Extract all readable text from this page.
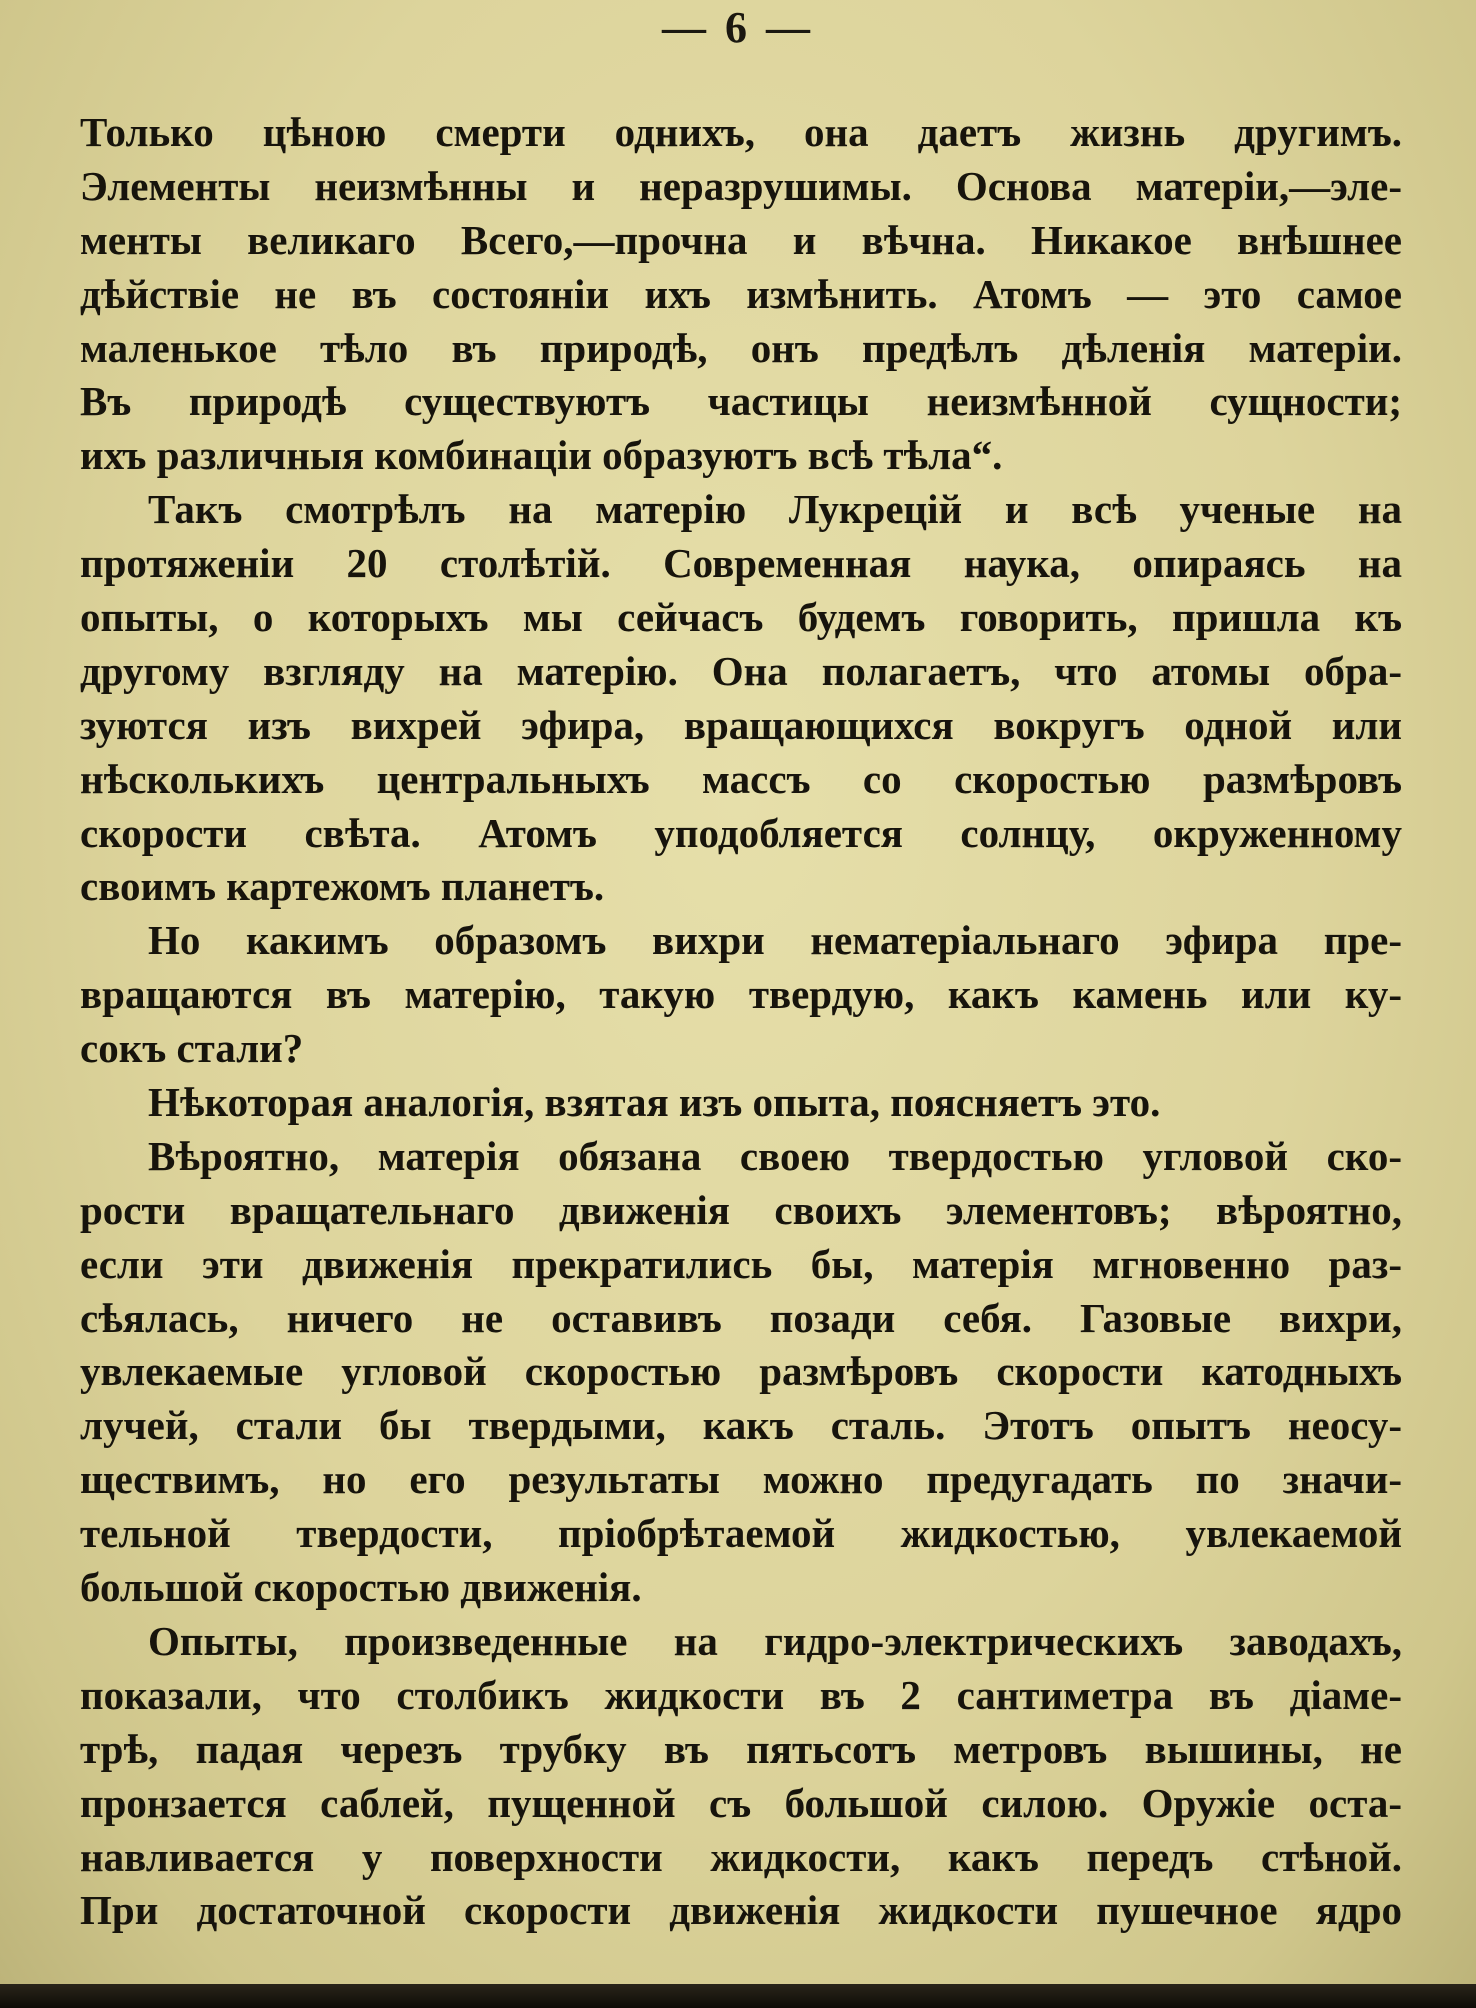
— 6 —
Только цѣною смерти однихъ, она даетъ жизнь другимъ.
Элементы неизмѣнны и неразрушимы. Основа матеріи,—эле-
менты великаго Всего,—прочна и вѣчна. Никакое внѣшнее
дѣйствіе не въ состояніи ихъ измѣнить. Атомъ — это самое
маленькое тѣло въ природѣ, онъ предѣлъ дѣленія матеріи.
Въ природѣ существуютъ частицы неизмѣнной сущности;
ихъ различныя комбинаціи образуютъ всѣ тѣла“.
Такъ смотрѣлъ на матерію Лукрецій и всѣ ученые на
протяженіи 20 столѣтій. Современная наука, опираясь на
опыты, о которыхъ мы сейчасъ будемъ говорить, пришла къ
другому взгляду на матерію. Она полагаетъ, что атомы обра-
зуются изъ вихрей эфира, вращающихся вокругъ одной или
нѣсколькихъ центральныхъ массъ со скоростью размѣровъ
скорости свѣта. Атомъ уподобляется солнцу, окруженному
своимъ картежомъ планетъ.
Но какимъ образомъ вихри нематеріальнаго эфира пре-
вращаются въ матерію, такую твердую, какъ камень или ку-
сокъ стали?
Нѣкоторая аналогія, взятая изъ опыта, поясняетъ это.
Вѣроятно, матерія обязана своею твердостью угловой ско-
рости вращательнаго движенія своихъ элементовъ; вѣроятно,
если эти движенія прекратились бы, матерія мгновенно раз-
сѣялась, ничего не оставивъ позади себя. Газовые вихри,
увлекаемые угловой скоростью размѣровъ скорости катодныхъ
лучей, стали бы твердыми, какъ сталь. Этотъ опытъ неосу-
ществимъ, но его результаты можно предугадать по значи-
тельной твердости, пріобрѣтаемой жидкостью, увлекаемой
большой скоростью движенія.
Опыты, произведенные на гидро-электрическихъ заводахъ,
показали, что столбикъ жидкости въ 2 сантиметра въ діаме-
трѣ, падая черезъ трубку въ пятьсотъ метровъ вышины, не
пронзается саблей, пущенной съ большой силою. Оружіе оста-
навливается у поверхности жидкости, какъ передъ стѣной.
При достаточной скорости движенія жидкости пушечное ядро
